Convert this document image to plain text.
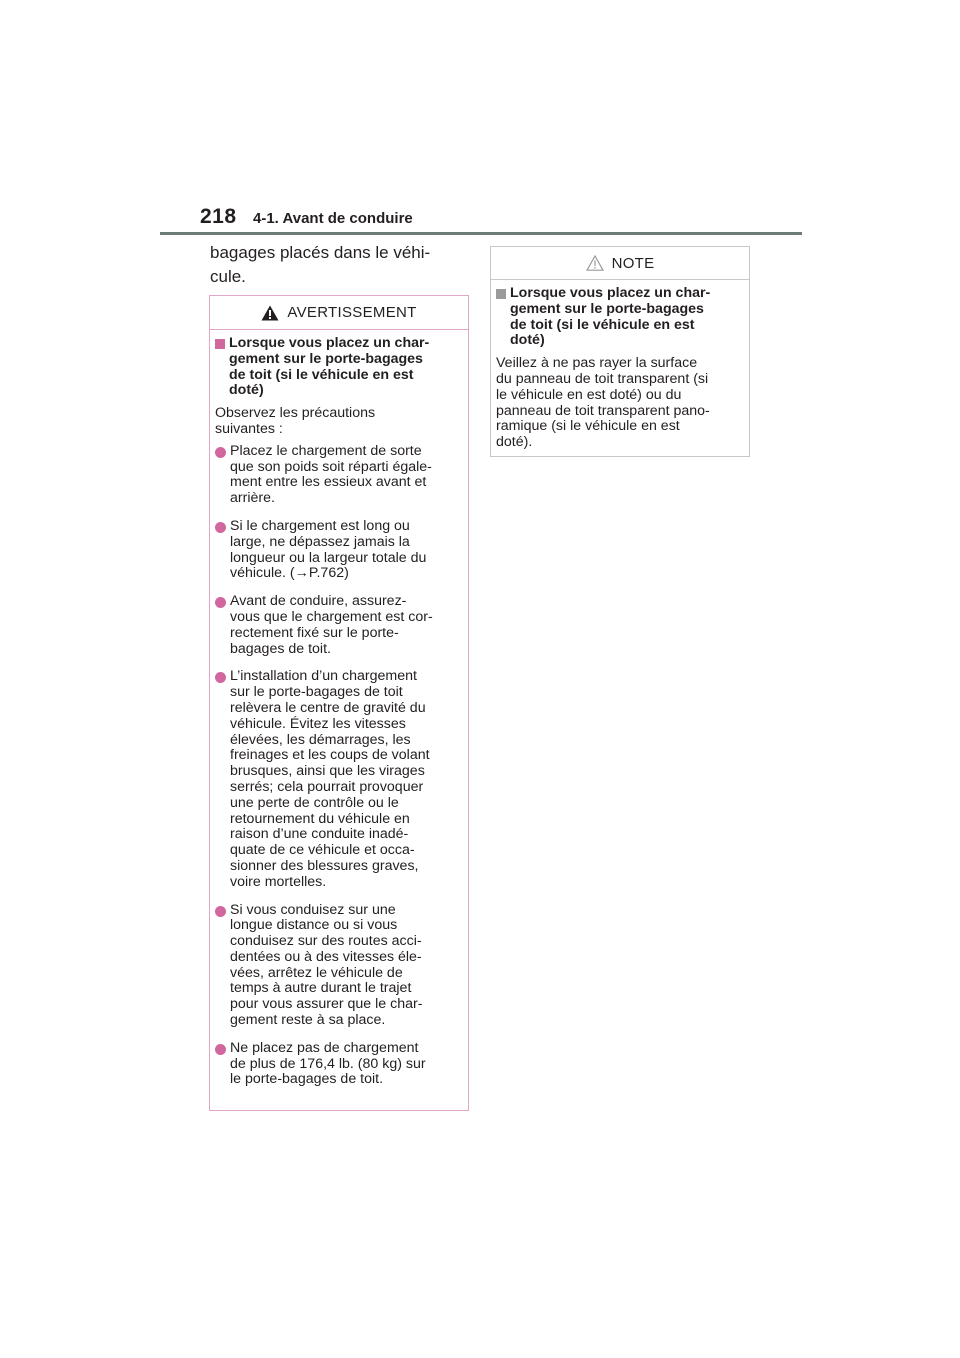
218 4-1. Avant de conduire
bagages placés dans le véhi-
cule.
AVERTISSEMENT
Lorsque vous placez un char-
gement sur le porte-bagages
de toit (si le véhicule en est
doté)
Observez les précautions
suivantes :
Placez le chargement de sorte
que son poids soit réparti égale-
ment entre les essieux avant et
arrière.
Si le chargement est long ou
large, ne dépassez jamais la
longueur ou la largeur totale du
véhicule. (→P.762)
Avant de conduire, assurez-
vous que le chargement est cor-
rectement fixé sur le porte-
bagages de toit.
L’installation d’un chargement
sur le porte-bagages de toit
relèvera le centre de gravité du
véhicule. Évitez les vitesses
élevées, les démarrages, les
freinages et les coups de volant
brusques, ainsi que les virages
serrés; cela pourrait provoquer
une perte de contrôle ou le
retournement du véhicule en
raison d’une conduite inadé-
quate de ce véhicule et occa-
sionner des blessures graves,
voire mortelles.
Si vous conduisez sur une
longue distance ou si vous
conduisez sur des routes acci-
dentées ou à des vitesses éle-
vées, arrêtez le véhicule de
temps à autre durant le trajet
pour vous assurer que le char-
gement reste à sa place.
Ne placez pas de chargement
de plus de 176,4 lb. (80 kg) sur
le porte-bagages de toit.
NOTE
Lorsque vous placez un char-
gement sur le porte-bagages
de toit (si le véhicule en est
doté)
Veillez à ne pas rayer la surface
du panneau de toit transparent (si
le véhicule en est doté) ou du
panneau de toit transparent pano-
ramique (si le véhicule en est
doté).
